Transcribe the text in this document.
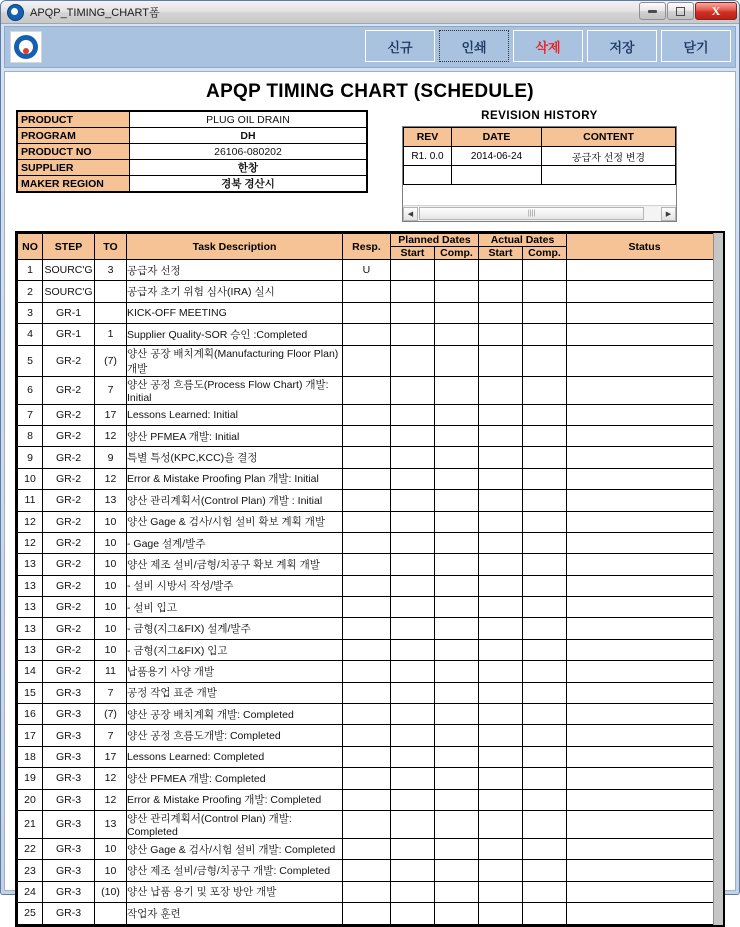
APQP_TIMING_CHART폼	X
신규	인쇄	삭제	저장	닫기
APQP TIMING CHART (SCHEDULE)
PRODUCT	PLUG OIL DRAIN
PROGRAM	DH
PRODUCT NO	26106-080202
SUPPLIER	한창
MAKER REGION	경북 경산시
REVISION HISTORY
REV	DATE	CONTENT
R1. 0.0	2014-06-24	공급자 선정 변경

◀	||||	▶
NO	STEP	TO	Task Description	Resp.	Planned Dates		Actual Dates		Status
					Start	Comp.	Start	Comp.	
1	SOURC'G	3	공급자 선정	U					
2	SOURC'G		공급자 초기 위험 심사(IRA) 실시						
3	GR-1		KICK-OFF MEETING						
4	GR-1	1	Supplier Quality-SOR 승인 :Completed						
5	GR-2	(7)	양산 공장 배치계획(Manufacturing Floor Plan) 개발						
6	GR-2	7	양산 공정 흐름도(Process Flow Chart) 개발: Initial						
7	GR-2	17	Lessons Learned: Initial						
8	GR-2	12	양산 PFMEA 개발: Initial						
9	GR-2	9	특별 특성(KPC,KCC)을 결정						
10	GR-2	12	Error & Mistake Proofing Plan 개발: Initial						
11	GR-2	13	양산 관리계획서(Control Plan) 개발 : Initial						
12	GR-2	10	양산 Gage & 검사/시험 설비 확보 계획 개발						
12	GR-2	10	- Gage 설계/발주						
13	GR-2	10	양산 제조 설비/금형/치공구 확보 계획 개발						
13	GR-2	10	- 설비 시방서 작성/발주						
13	GR-2	10	- 설비 입고						
13	GR-2	10	- 금형(지그&FIX) 설계/발주						
13	GR-2	10	- 금형(지그&FIX) 입고						
14	GR-2	11	납품용기 사양 개발						
15	GR-3	7	공정 작업 표준 개발						
16	GR-3	(7)	양산 공장 배치계획 개발: Completed						
17	GR-3	7	양산 공정 흐름도개발: Completed						
18	GR-3	17	Lessons Learned: Completed						
19	GR-3	12	양산 PFMEA 개발: Completed						
20	GR-3	12	Error & Mistake Proofing 개발: Completed						
21	GR-3	13	양산 관리계획서(Control Plan) 개발: Completed						
22	GR-3	10	양산 Gage & 검사/시험 설비 개발: Completed						
23	GR-3	10	양산 제조 설비/금형/치공구 개발: Completed						
24	GR-3	(10)	양산 납품 용기 및 포장 방안 개발						
25	GR-3		작업자 훈련						
